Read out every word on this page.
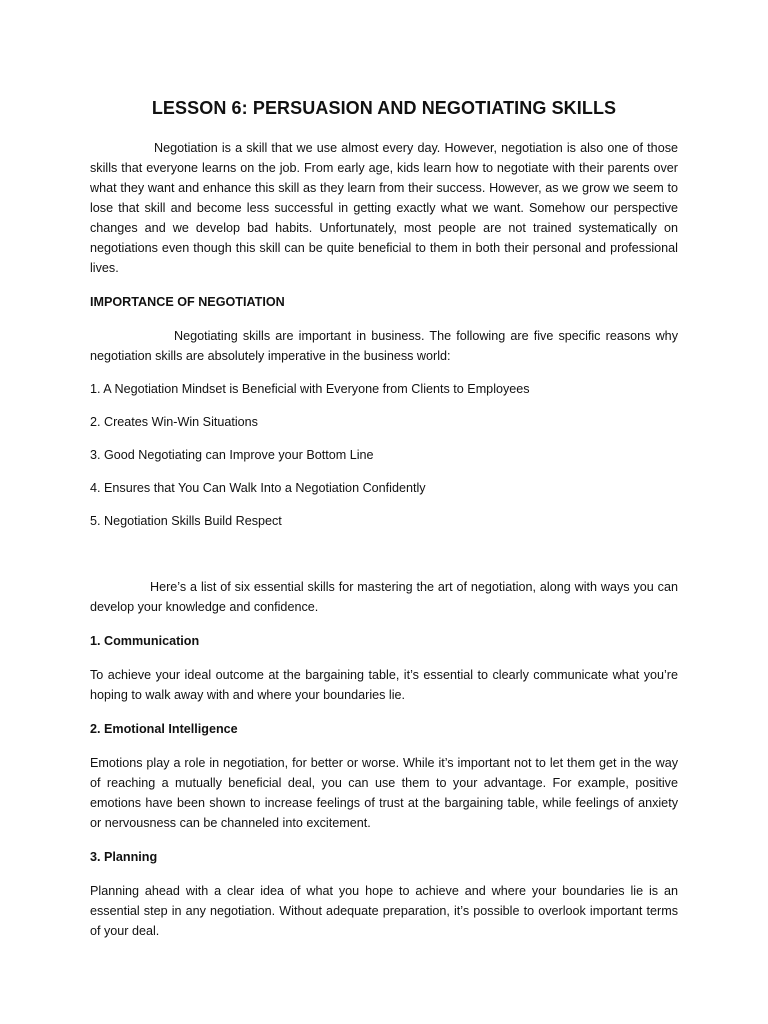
LESSON 6: PERSUASION AND NEGOTIATING SKILLS

Negotiation is a skill that we use almost every day. However, negotiation is also one of those skills that everyone learns on the job. From early age, kids learn how to negotiate with their parents over what they want and enhance this skill as they learn from their success. However, as we grow we seem to lose that skill and become less successful in getting exactly what we want. Somehow our perspective changes and we develop bad habits. Unfortunately, most people are not trained systematically on negotiations even though this skill can be quite beneficial to them in both their personal and professional lives.

IMPORTANCE OF NEGOTIATION

Negotiating skills are important in business. The following are five specific reasons why negotiation skills are absolutely imperative in the business world:

1. A Negotiation Mindset is Beneficial with Everyone from Clients to Employees
2. Creates Win-Win Situations
3. Good Negotiating can Improve your Bottom Line
4. Ensures that You Can Walk Into a Negotiation Confidently
5. Negotiation Skills Build Respect

Here’s a list of six essential skills for mastering the art of negotiation, along with ways you can develop your knowledge and confidence.

1. Communication

To achieve your ideal outcome at the bargaining table, it’s essential to clearly communicate what you’re hoping to walk away with and where your boundaries lie.

2. Emotional Intelligence

Emotions play a role in negotiation, for better or worse. While it’s important not to let them get in the way of reaching a mutually beneficial deal, you can use them to your advantage. For example, positive emotions have been shown to increase feelings of trust at the bargaining table, while feelings of anxiety or nervousness can be channeled into excitement.

3. Planning

Planning ahead with a clear idea of what you hope to achieve and where your boundaries lie is an essential step in any negotiation. Without adequate preparation, it’s possible to overlook important terms of your deal.
